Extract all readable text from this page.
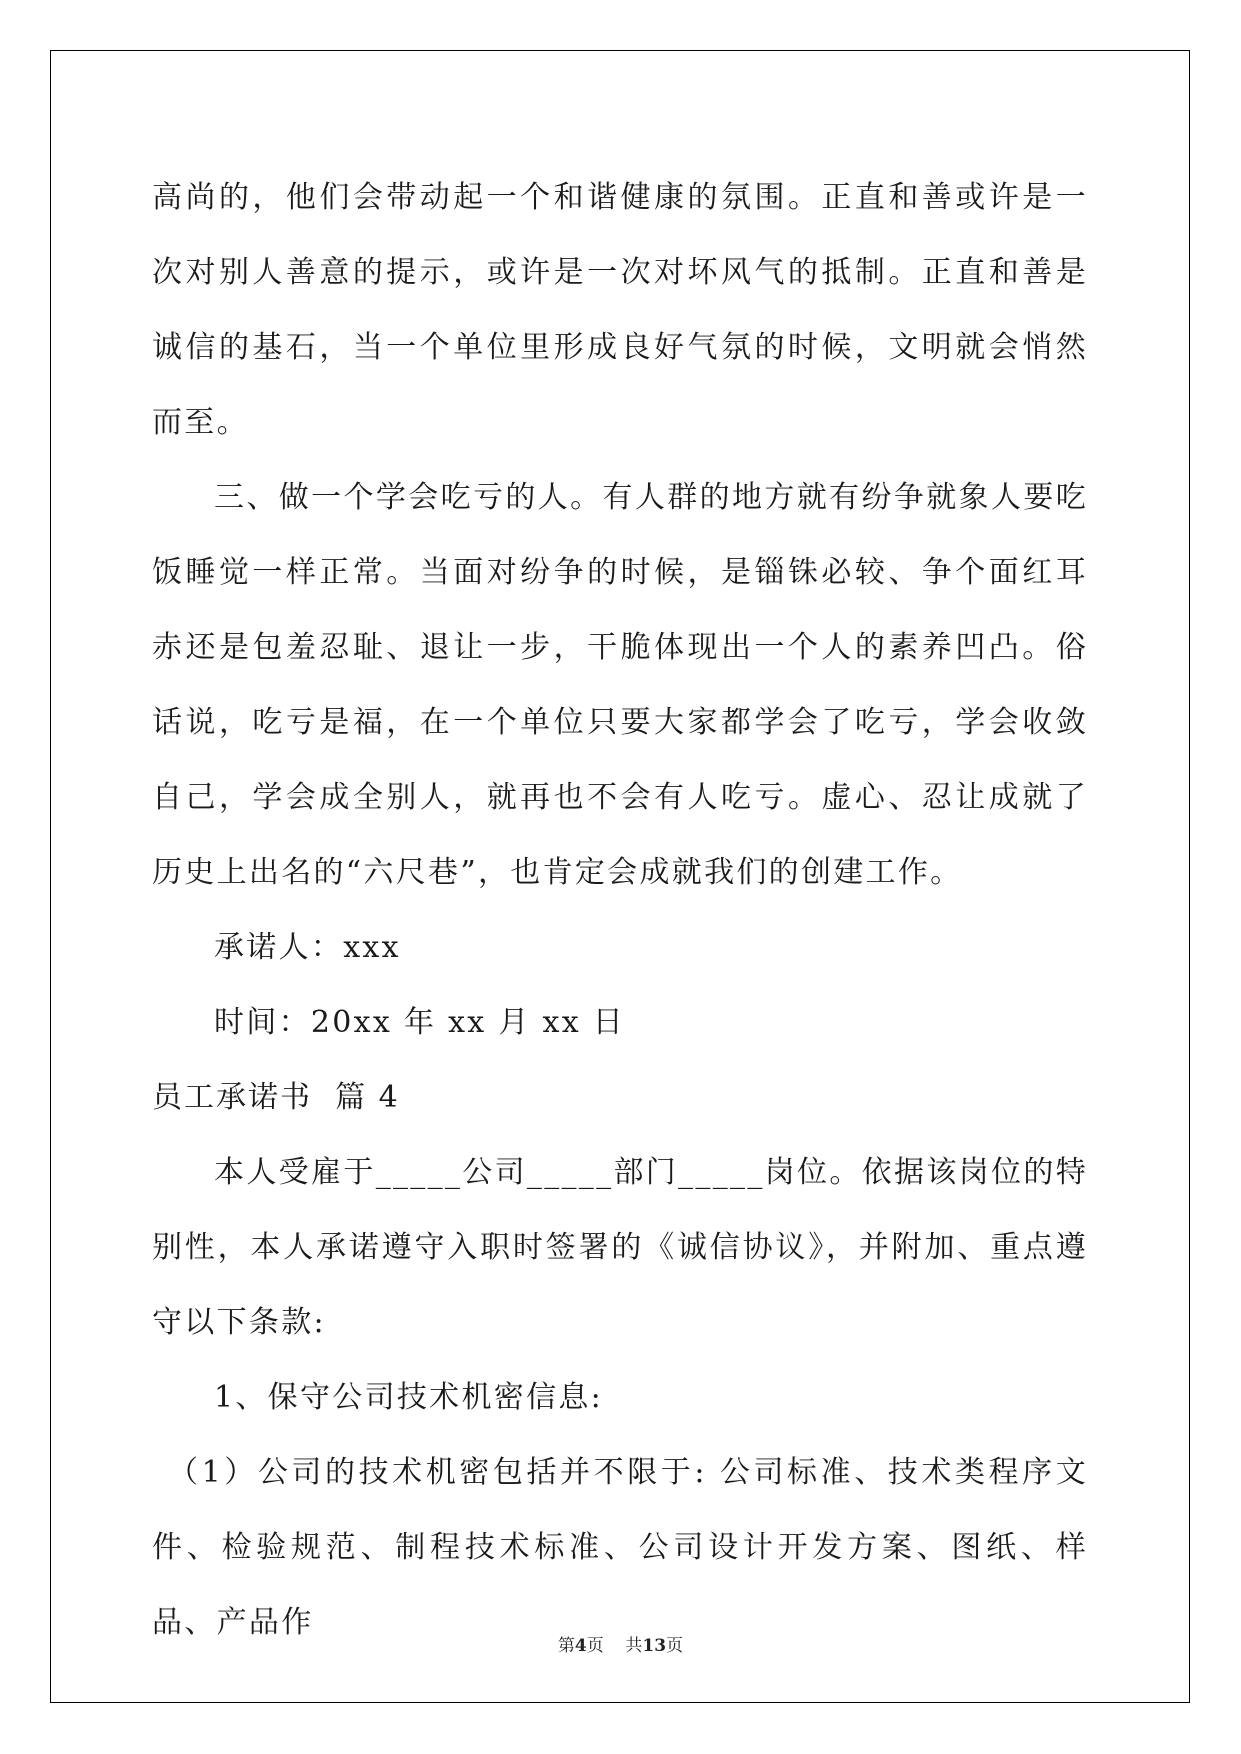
高尚的，他们会带动起一个和谐健康的氛围。正直和善或许是一次对别人善意的提示，或许是一次对坏风气的抵制。正直和善是诚信的基石，当一个单位里形成良好气氛的时候，文明就会悄然而至。

三、做一个学会吃亏的人。有人群的地方就有纷争就象人要吃饭睡觉一样正常。当面对纷争的时候，是锱铢必较、争个面红耳赤还是包羞忍耻、退让一步，干脆体现出一个人的素养凹凸。俗话说，吃亏是福，在一个单位只要大家都学会了吃亏，学会收敛自己，学会成全别人，就再也不会有人吃亏。虚心、忍让成就了历史上出名的“六尺巷”，也肯定会成就我们的创建工作。

承诺人：xxx

时间：20xx 年 xx 月 xx 日

员工承诺书  篇 4

本人受雇于_____公司_____部门_____岗位。依据该岗位的特别性，本人承诺遵守入职时签署的《诚信协议》，并附加、重点遵守以下条款:

1、保守公司技术机密信息:

（1）公司的技术机密包括并不限于: 公司标准、技术类程序文件、检验规范、制程技术标准、公司设计开发方案、图纸、样品、产品作

第4页 共13页
